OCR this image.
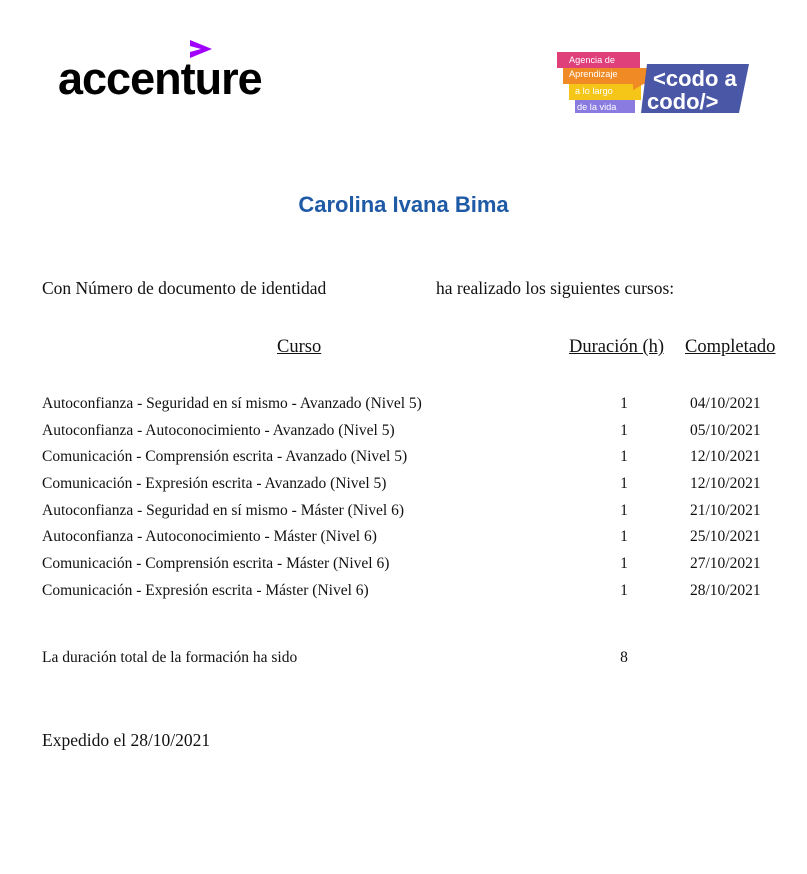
accenture	Agencia de
Aprendizaje
a lo largo
de la vida
<codo a
codo/>
Carolina Ivana Bima
Con Número de documento de identidad	ha realizado los siguientes cursos:
Curso	Duración (h) Completado
Autoconfianza - Seguridad en sí mismo - Avanzado (Nivel 5)	1	04/10/2021
Autoconfianza - Autoconocimiento - Avanzado (Nivel 5)	1	05/10/2021
Comunicación - Comprensión escrita - Avanzado (Nivel 5)	1	12/10/2021
Comunicación - Expresión escrita - Avanzado (Nivel 5)	1	12/10/2021
Autoconfianza - Seguridad en sí mismo - Máster (Nivel 6)	1	21/10/2021
Autoconfianza - Autoconocimiento - Máster (Nivel 6)	1	25/10/2021
Comunicación - Comprensión escrita - Máster (Nivel 6)	1	27/10/2021
Comunicación - Expresión escrita - Máster (Nivel 6)	1	28/10/2021
La duración total de la formación ha sido	8
Expedido el 28/10/2021
